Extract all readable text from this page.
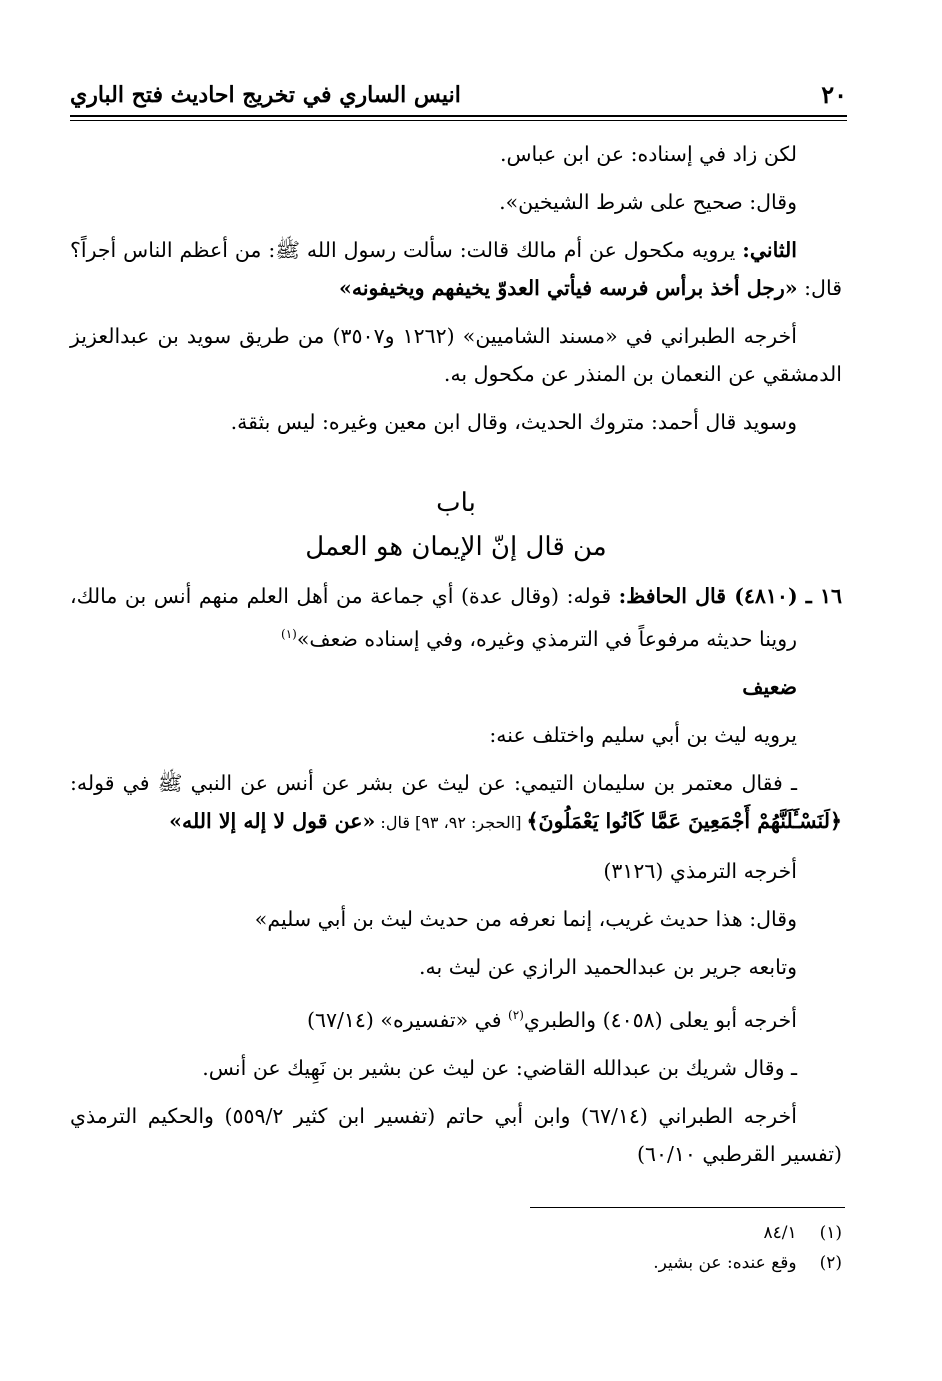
٢٠
انيس الساري في تخريج احاديث فتح الباري

لكن زاد في إسناده: عن ابن عباس.

وقال: صحيح على شرط الشيخين».

الثاني: يرويه مكحول عن أم مالك قالت: سألت رسول الله ﷺ: من أعظم الناس أجراً؟ قال: «رجل أخذ برأس فرسه فيأتي العدوّ يخيفهم ويخيفونه»

أخرجه الطبراني في «مسند الشاميين» (١٢٦٢ و٣٥٠٧) من طريق سويد بن عبدالعزيز الدمشقي عن النعمان بن المنذر عن مكحول به.

وسويد قال أحمد: متروك الحديث، وقال ابن معين وغيره: ليس بثقة.

باب
من قال إنّ الإيمان هو العمل

١٦ ـ (٤٨١٠) قال الحافظ: قوله: (وقال عدة) أي جماعة من أهل العلم منهم أنس بن مالك، روينا حديثه مرفوعاً في الترمذي وغيره، وفي إسناده ضعف»$^{(١)}$

ضعيف

يرويه ليث بن أبي سليم واختلف عنه:

ـ فقال معتمر بن سليمان التيمي: عن ليث عن بشر عن أنس عن النبي ﷺ في قوله: ﴿لَنَسْـَٔلَنَّهُمْ أَجْمَعِينَ عَمَّا كَانُوا يَعْمَلُونَ﴾ [الحجر: ٩٢، ٩٣] قال: «عن قول لا إله إلا الله»

أخرجه الترمذي (٣١٢٦)

وقال: هذا حديث غريب، إنما نعرفه من حديث ليث بن أبي سليم»

وتابعه جرير بن عبدالحميد الرازي عن ليث به.

أخرجه أبو يعلى (٤٠٥٨) والطبري$^{(٢)}$ في «تفسيره» (٦٧/١٤)

ـ وقال شريك بن عبدالله القاضي: عن ليث عن بشير بن نَهِيك عن أنس.

أخرجه الطبراني (٦٧/١٤) وابن أبي حاتم (تفسير ابن كثير ٥٥٩/٢) والحكيم الترمذي (تفسير القرطبي ٦٠/١٠)

(١) ٨٤/١
(٢) وقع عنده: عن بشير.
